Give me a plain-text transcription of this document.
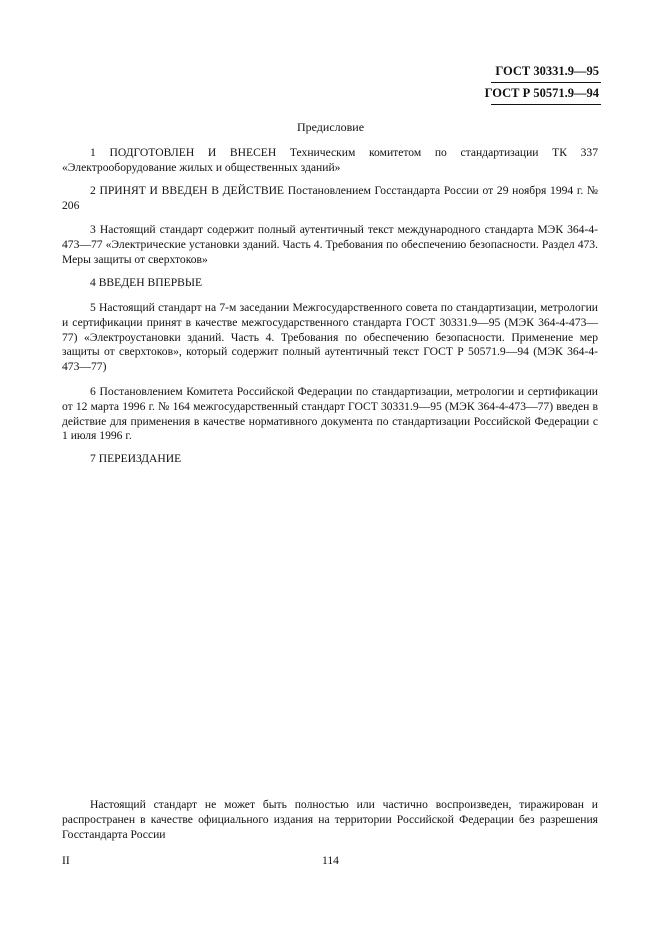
ГОСТ 30331.9—95
ГОСТ Р 50571.9—94
Предисловие

1 ПОДГОТОВЛЕН И ВНЕСЕН Техническим комитетом по стандартизации ТК 337 «Электрооборудование жилых и общественных зданий»

2 ПРИНЯТ И ВВЕДЕН В ДЕЙСТВИЕ Постановлением Госстандарта России от 29 ноября 1994 г. № 206

3 Настоящий стандарт содержит полный аутентичный текст международного стандарта МЭК 364-4-473—77 «Электрические установки зданий. Часть 4. Требования по обеспечению безопасности. Раздел 473. Меры защиты от сверхтоков»

4 ВВЕДЕН ВПЕРВЫЕ

5 Настоящий стандарт на 7-м заседании Межгосударственного совета по стандартизации, метрологии и сертификации принят в качестве межгосударственного стандарта ГОСТ 30331.9—95 (МЭК 364-4-473—77) «Электроустановки зданий. Часть 4. Требования по обеспечению безопасности. Применение мер защиты от сверхтоков», который содержит полный аутентичный текст ГОСТ Р 50571.9—94 (МЭК 364-4-473—77)

6 Постановлением Комитета Российской Федерации по стандартизации, метрологии и сертификации от 12 марта 1996 г. № 164 межгосударственный стандарт ГОСТ 30331.9—95 (МЭК 364-4-473—77) введен в действие для применения в качестве нормативного документа по стандартизации Российской Федерации с 1 июля 1996 г.

7 ПЕРЕИЗДАНИЕ

Настоящий стандарт не может быть полностью или частично воспроизведен, тиражирован и распространен в качестве официального издания на территории Российской Федерации без разрешения Госстандарта России

II	114
